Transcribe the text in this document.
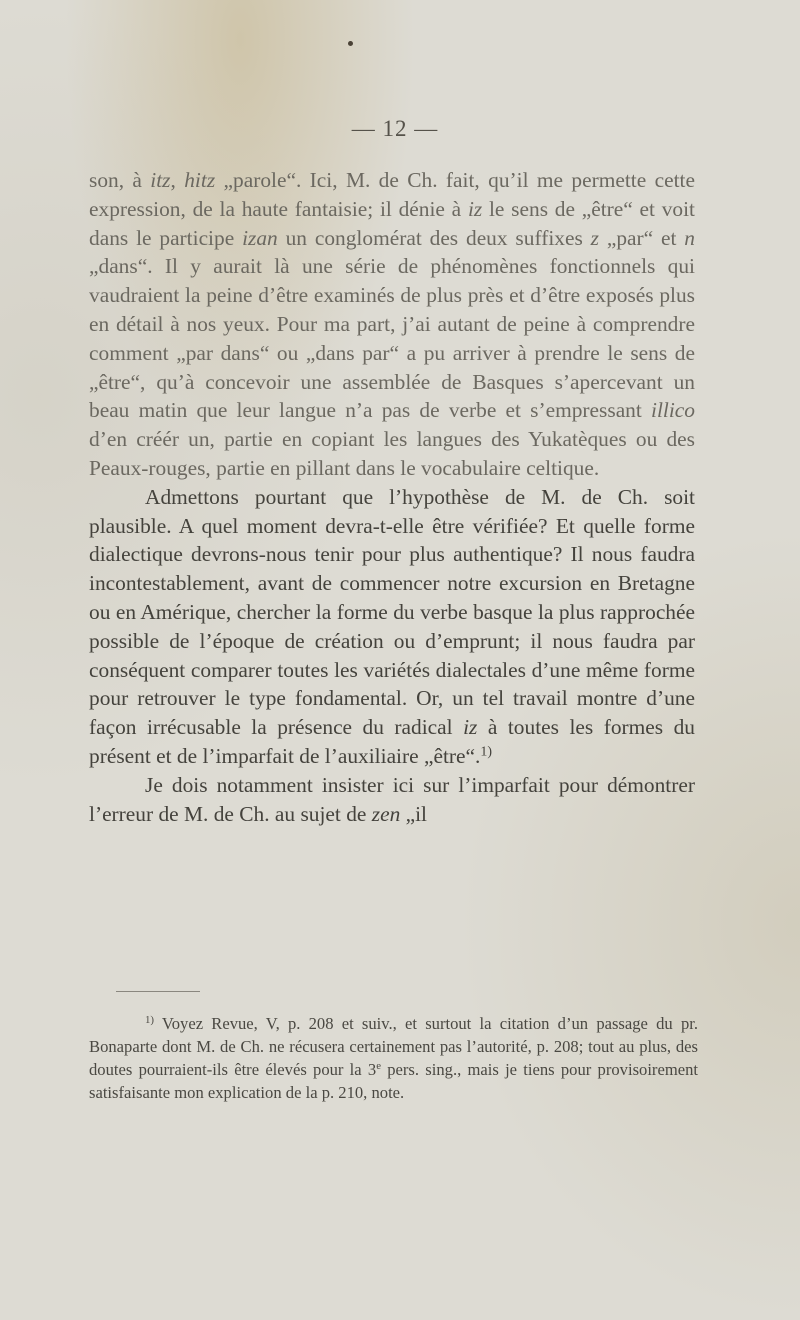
— 12 —

son, à itz, hitz „parole“. Ici, M. de Ch. fait, qu’il me permette cette expression, de la haute fantaisie; il dénie à iz le sens de „être“ et voit dans le participe izan un conglomérat des deux suffixes z „par“ et n „dans“. Il y aurait là une série de phénomènes fonctionnels qui vaudraient la peine d’être examinés de plus près et d’être exposés plus en détail à nos yeux. Pour ma part, j’ai autant de peine à comprendre comment „par dans“ ou „dans par“ a pu arriver à prendre le sens de „être“, qu’à concevoir une assemblée de Basques s’apercevant un beau matin que leur langue n’a pas de verbe et s’empressant illico d’en créér un, partie en copiant les langues des Yukatèques ou des Peaux-rouges, partie en pillant dans le vocabulaire celtique.

Admettons pourtant que l’hypothèse de M. de Ch. soit plausible. A quel moment devra-t-elle être vérifiée? Et quelle forme dialectique devrons-nous tenir pour plus authentique? Il nous faudra incontestablement, avant de commencer notre excursion en Bretagne ou en Amérique, chercher la forme du verbe basque la plus rapprochée possible de l’époque de création ou d’emprunt; il nous faudra par conséquent comparer toutes les variétés dialectales d’une même forme pour retrouver le type fondamental. Or, un tel travail montre d’une façon irrécusable la présence du radical iz à toutes les formes du présent et de l’imparfait de l’auxiliaire „être“.$^{1)}$

Je dois notamment insister ici sur l’imparfait pour démontrer l’erreur de M. de Ch. au sujet de zen „il

$^{1)}$ Voyez Revue, V, p. 208 et suiv., et surtout la citation d’un passage du pr. Bonaparte dont M. de Ch. ne récusera certainement pas l’autorité, p. 208; tout au plus, des doutes pourraient-ils être élevés pour la 3e pers. sing., mais je tiens pour provisoirement satisfaisante mon explication de la p. 210, note.
